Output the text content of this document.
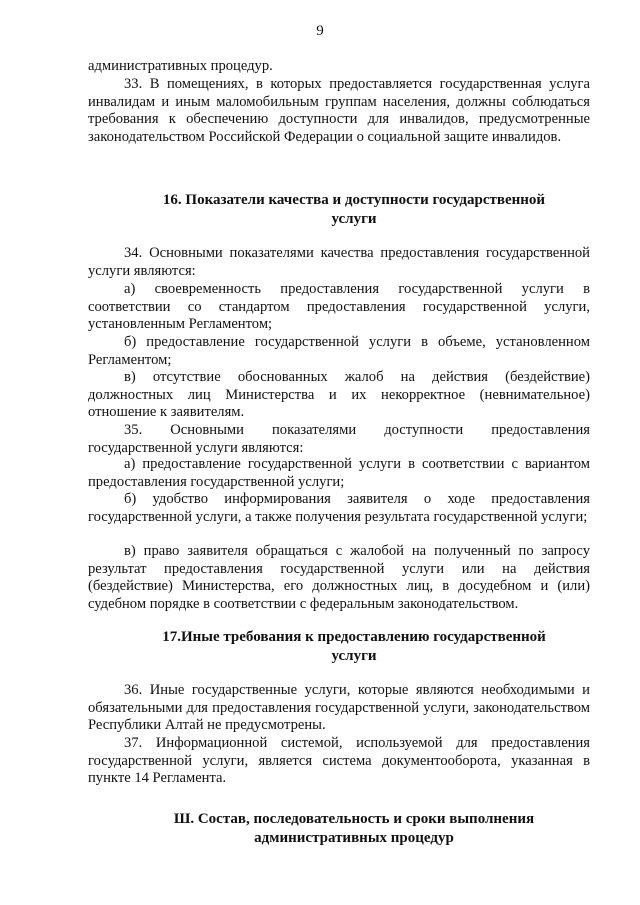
9
административных процедур.
33. В помещениях, в которых предоставляется государственная услуга инвалидам и иным маломобильным группам населения, должны соблюдаться требования к обеспечению доступности для инвалидов, предусмотренные законодательством Российской Федерации о социальной защите инвалидов.
16. Показатели качества и доступности государственной
услуги
34. Основными показателями качества предоставления государственной услуги являются:
а) своевременность предоставления государственной услуги в соответствии со стандартом предоставления государственной услуги, установленным Регламентом;
б) предоставление государственной услуги в объеме, установленном Регламентом;
в) отсутствие обоснованных жалоб на действия (бездействие) должностных лиц Министерства и их некорректное (невнимательное) отношение к заявителям.
35. Основными показателями доступности предоставления государственной услуги являются:
а) предоставление государственной услуги в соответствии с вариантом предоставления государственной услуги;
б) удобство информирования заявителя о ходе предоставления государственной услуги, а также получения результата государственной услуги;
в) право заявителя обращаться с жалобой на полученный по запросу результат предоставления государственной услуги или на действия (бездействие) Министерства, его должностных лиц, в досудебном и (или) судебном порядке в соответствии с федеральным законодательством.
17.Иные требования к предоставлению государственной
услуги
36. Иные государственные услуги, которые являются необходимыми и обязательными для предоставления государственной услуги, законодательством Республики Алтай не предусмотрены.
37. Информационной системой, используемой для предоставления государственной услуги, является система документооборота, указанная в пункте 14 Регламента.
Ш. Состав, последовательность и сроки выполнения
административных процедур
